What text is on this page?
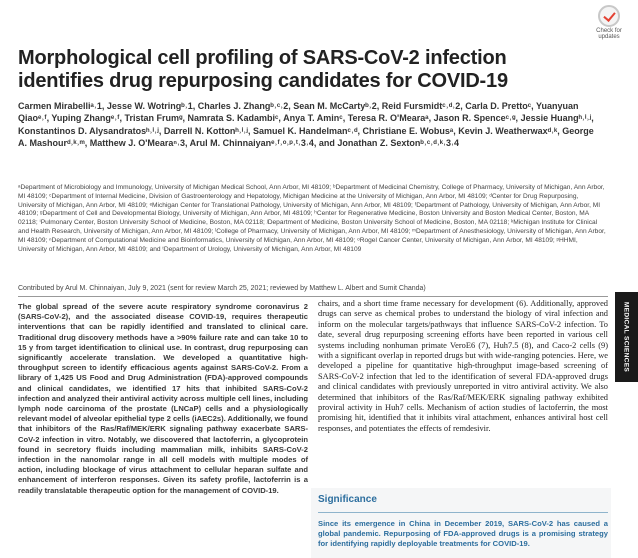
Check for updates
Morphological cell profiling of SARS-CoV-2 infection identifies drug repurposing candidates for COVID-19
Carmen Mirabelliᵃ˒1, Jesse W. Wotringᵇ˒1, Charles J. Zhangᵇ˒ᶜ˒2, Sean M. McCartyᵇ˒2, Reid Fursmidtᶜ˒ᵈ˒2, Carla D. Prettoᶜ, Yuanyuan Qiaoᵉ˒ᶠ, Yuping Zhangᵉ˒ᶠ, Tristan Frumᵍ, Namrata S. Kadambiᶜ, Anya T. Aminᶜ, Teresa R. O'Mearaᵃ, Jason R. Spenceᶜ˒ᵍ, Jessie Huangʰ˒ⁱ˒ʲ, Konstantinos D. Alysandratosʰ˒ⁱ˒ʲ, Darrell N. Kottonʰ˒ⁱ˒ʲ, Samuel K. Handelmanᶜ˒ᵈ, Christiane E. Wobusᵃ, Kevin J. Weatherwaxᵈ˒ᵏ, George A. Mashourᵈ˒ᵏ˒ᵐ, Matthew J. O'Mearaⁿ˒3, Arul M. Chinnaiyanᵉ˒ᶠ˒ᵒ˒ᵖ˒ᵗ˒3˒4, and Jonathan Z. Sextonᵇ˒ᶜ˒ᵈ˒ᵏ˒3˒4
ᵃDepartment of Microbiology and Immunology, University of Michigan Medical School, Ann Arbor, MI 48109; ᵇDepartment of Medicinal Chemistry, College of Pharmacy, University of Michigan, Ann Arbor, MI 48109; ᶜDepartment of Internal Medicine, Division of Gastroenterology and Hepatology, Michigan Medicine at the University of Michigan, Ann Arbor, MI 48109; ᵈCenter for Drug Repurposing, University of Michigan, Ann Arbor, MI 48109; ᵉMichigan Center for Translational Pathology, University of Michigan, Ann Arbor, MI 48109; ᶠDepartment of Pathology, University of Michigan, Ann Arbor, MI 48109; ᵍDepartment of Cell and Developmental Biology, University of Michigan, Ann Arbor, MI 48109; ʰCenter for Regenerative Medicine, Boston University and Boston Medical Center, Boston, MA 02118; ⁱPulmonary Center, Boston University School of Medicine, Boston, MA 02118; ʲDepartment of Medicine, Boston University School of Medicine, Boston, MA 02118; ᵏMichigan Institute for Clinical and Health Research, University of Michigan, Ann Arbor, MI 48109; ˡCollege of Pharmacy, University of Michigan, Ann Arbor, MI 48109; ᵐDepartment of Anesthesiology, University of Michigan, Ann Arbor, MI 48109; ⁿDepartment of Computational Medicine and Bioinformatics, University of Michigan, Ann Arbor, MI 48109; ᵒRogel Cancer Center, University of Michigan, Ann Arbor, MI 48109; ᵖHHMI, University of Michigan, Ann Arbor, MI 48109; and ᵗDepartment of Urology, University of Michigan, Ann Arbor, MI 48109
Contributed by Arul M. Chinnaiyan, July 9, 2021 (sent for review March 25, 2021; reviewed by Matthew L. Albert and Sumit Chanda)
The global spread of the severe acute respiratory syndrome coronavirus 2 (SARS-CoV-2), and the associated disease COVID-19, requires therapeutic interventions that can be rapidly identified and translated to clinical care. Traditional drug discovery methods have a >90% failure rate and can take 10 to 15 y from target identification to clinical use. In contrast, drug repurposing can significantly accelerate translation. We developed a quantitative high-throughput screen to identify efficacious agents against SARS-CoV-2. From a library of 1,425 US Food and Drug Administration (FDA)-approved compounds and clinical candidates, we identified 17 hits that inhibited SARS-CoV-2 infection and analyzed their antiviral activity across multiple cell lines, including lymph node carcinoma of the prostate (LNCaP) cells and a physiologically relevant model of alveolar epithelial type 2 cells (iAEC2s). Additionally, we found that inhibitors of the Ras/Raf/MEK/ERK signaling pathway exacerbate SARS-CoV-2 infection in vitro. Notably, we discovered that lactoferrin, a glycoprotein found in secretory fluids including mammalian milk, inhibits SARS-CoV-2 infection in the nanomolar range in all cell models with multiple modes of action, including blockage of virus attachment to cellular heparan sulfate and enhancement of interferon responses. Given its safety profile, lactoferrin is a readily translatable therapeutic option for the management of COVID-19.
chairs, and a short time frame necessary for development (6). Additionally, approved drugs can serve as chemical probes to understand the biology of viral infection and inform on the molecular targets/pathways that influence SARS-CoV-2 infection. To date, several drug repurposing screening efforts have been reported in various cell systems including nonhuman primate VeroE6 (7), Huh7.5 (8), and Caco-2 cells (9) with a significant overlap in reported drugs but with wide-ranging potencies. Here, we developed a pipeline for quantitative high-throughput image-based screening of SARS-CoV-2 infection that led to the identification of several FDA-approved drugs and clinical candidates with previously unreported in vitro antiviral activity. We also determined that inhibitors of the Ras/Raf/MEK/ERK signaling pathway exhibited proviral activity in Huh7 cells. Mechanism of action studies of lactoferrin, the most promising hit, identified that it inhibits viral attachment, enhances antiviral host cell responses, and potentiates the effects of remdesivir.
Significance
Since its emergence in China in December 2019, SARS-CoV-2 has caused a global pandemic. Repurposing of FDA-approved drugs is a promising strategy for identifying rapidly deployable treatments for COVID-19.
MEDICAL SCIENCES
